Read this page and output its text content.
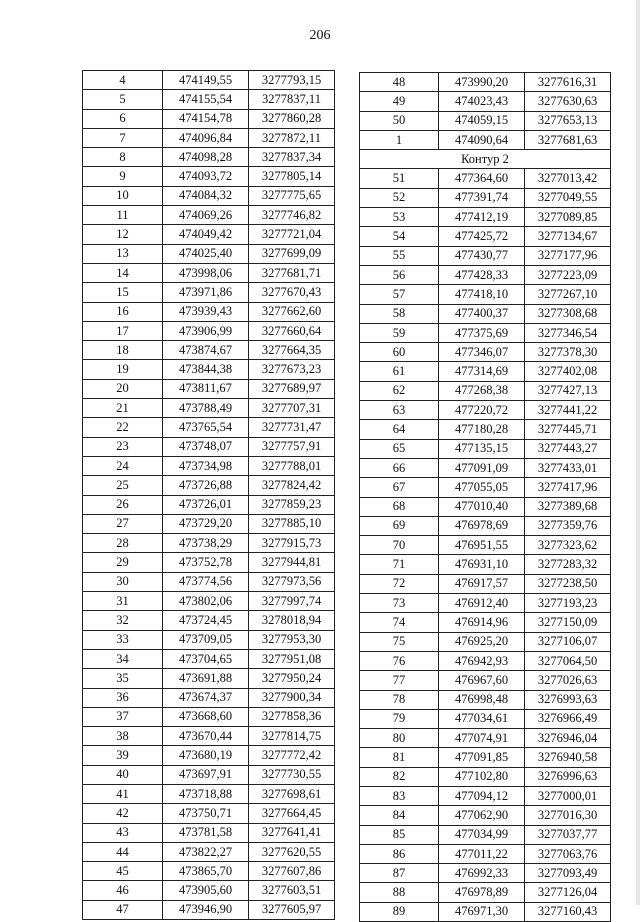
206
4	474149,55	3277793,15
5	474155,54	3277837,11
6	474154,78	3277860,28
7	474096,84	3277872,11
8	474098,28	3277837,34
9	474093,72	3277805,14
10	474084,32	3277775,65
11	474069,26	3277746,82
12	474049,42	3277721,04
13	474025,40	3277699,09
14	473998,06	3277681,71
15	473971,86	3277670,43
16	473939,43	3277662,60
17	473906,99	3277660,64
18	473874,67	3277664,35
19	473844,38	3277673,23
20	473811,67	3277689,97
21	473788,49	3277707,31
22	473765,54	3277731,47
23	473748,07	3277757,91
24	473734,98	3277788,01
25	473726,88	3277824,42
26	473726,01	3277859,23
27	473729,20	3277885,10
28	473738,29	3277915,73
29	473752,78	3277944,81
30	473774,56	3277973,56
31	473802,06	3277997,74
32	473724,45	3278018,94
33	473709,05	3277953,30
34	473704,65	3277951,08
35	473691,88	3277950,24
36	473674,37	3277900,34
37	473668,60	3277858,36
38	473670,44	3277814,75
39	473680,19	3277772,42
40	473697,91	3277730,55
41	473718,88	3277698,61
42	473750,71	3277664,45
43	473781,58	3277641,41
44	473822,27	3277620,55
45	473865,70	3277607,86
46	473905,60	3277603,51
47	473946,90	3277605,97
48	473990,20	3277616,31
49	474023,43	3277630,63
50	474059,15	3277653,13
1	474090,64	3277681,63
Контур 2		
51	477364,60	3277013,42
52	477391,74	3277049,55
53	477412,19	3277089,85
54	477425,72	3277134,67
55	477430,77	3277177,96
56	477428,33	3277223,09
57	477418,10	3277267,10
58	477400,37	3277308,68
59	477375,69	3277346,54
60	477346,07	3277378,30
61	477314,69	3277402,08
62	477268,38	3277427,13
63	477220,72	3277441,22
64	477180,28	3277445,71
65	477135,15	3277443,27
66	477091,09	3277433,01
67	477055,05	3277417,96
68	477010,40	3277389,68
69	476978,69	3277359,76
70	476951,55	3277323,62
71	476931,10	3277283,32
72	476917,57	3277238,50
73	476912,40	3277193,23
74	476914,96	3277150,09
75	476925,20	3277106,07
76	476942,93	3277064,50
77	476967,60	3277026,63
78	476998,48	3276993,63
79	477034,61	3276966,49
80	477074,91	3276946,04
81	477091,85	3276940,58
82	477102,80	3276996,63
83	477094,12	3277000,01
84	477062,90	3277016,30
85	477034,99	3277037,77
86	477011,22	3277063,76
87	476992,33	3277093,49
88	476978,89	3277126,04
89	476971,30	3277160,43
